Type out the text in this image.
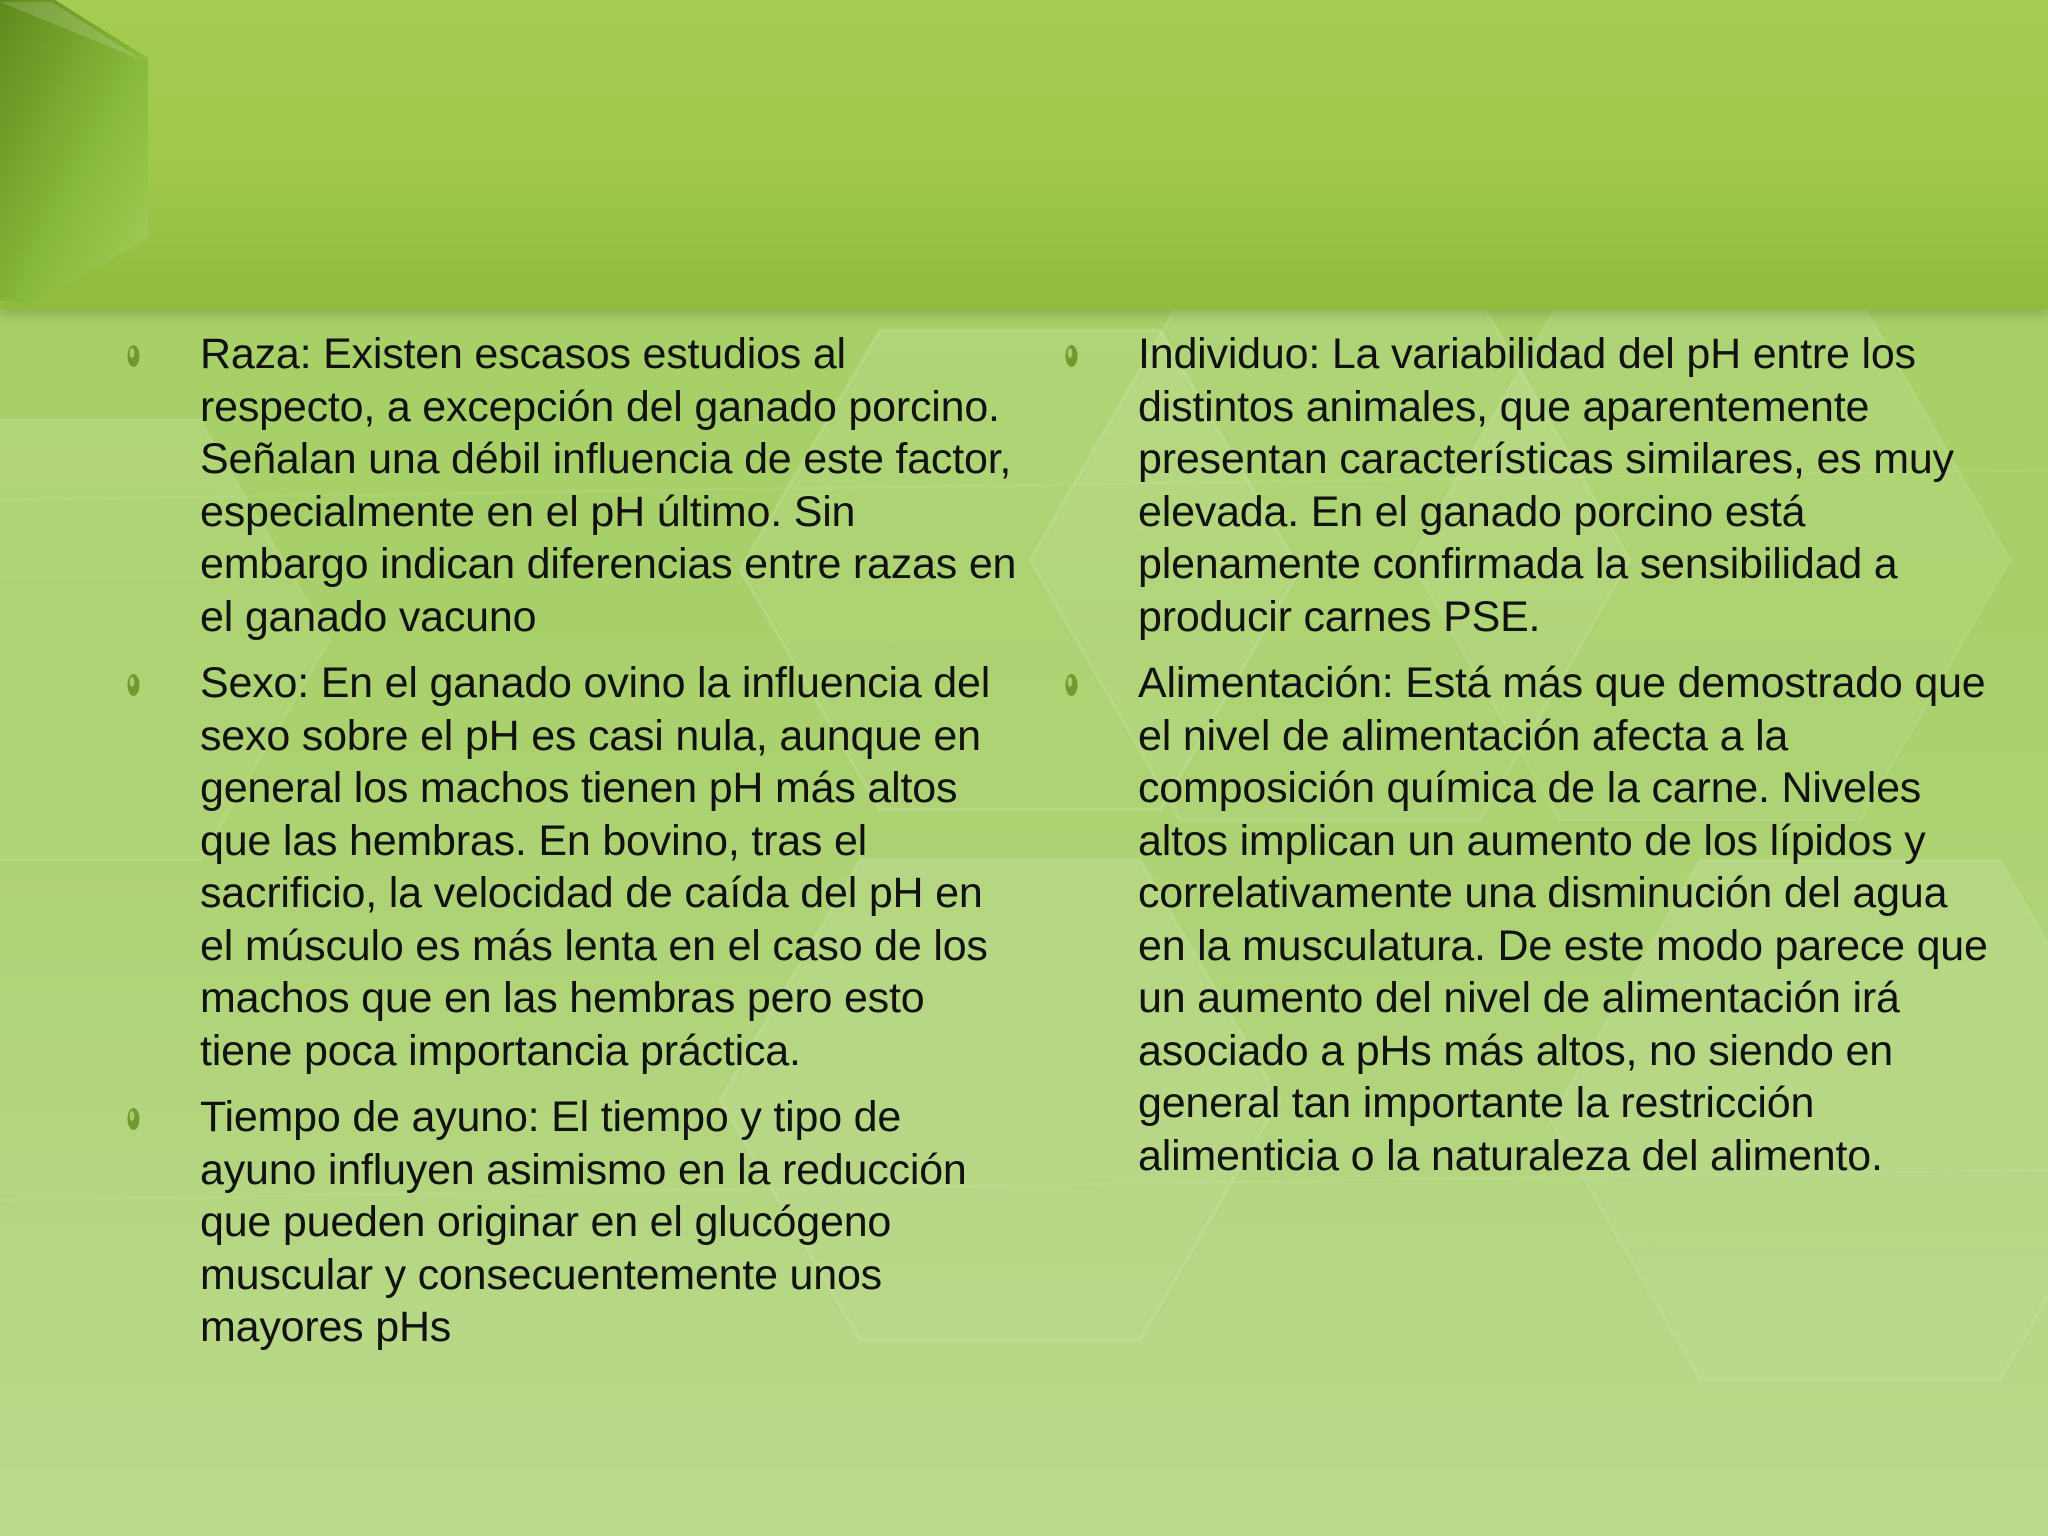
Raza: Existen escasos estudios al respecto, a excepción del ganado porcino. Señalan una débil influencia de este factor, especialmente en el pH último. Sin embargo indican diferencias entre razas en el ganado vacuno
Sexo: En el ganado ovino la influencia del sexo sobre el pH es casi nula, aunque en general los machos tienen pH más altos que las hembras. En bovino, tras el sacrificio, la velocidad de caída del pH en el músculo es más lenta en el caso de los machos que en las hembras pero esto tiene poca importancia práctica.
Tiempo de ayuno: El tiempo y tipo de ayuno influyen asimismo en la reducción que pueden originar en el glucógeno muscular y consecuentemente unos mayores pHs
Individuo: La variabilidad del pH entre los distintos animales, que aparentemente presentan características similares, es muy elevada. En el ganado porcino está plenamente confirmada la sensibilidad a producir carnes PSE.
Alimentación: Está más que demostrado que el nivel de alimentación afecta a la composición química de la carne. Niveles altos implican un aumento de los lípidos y correlativamente una disminución del agua en la musculatura. De este modo parece que un aumento del nivel de alimentación irá asociado a pHs más altos, no siendo en general tan importante la restricción alimenticia o la naturaleza del alimento.
